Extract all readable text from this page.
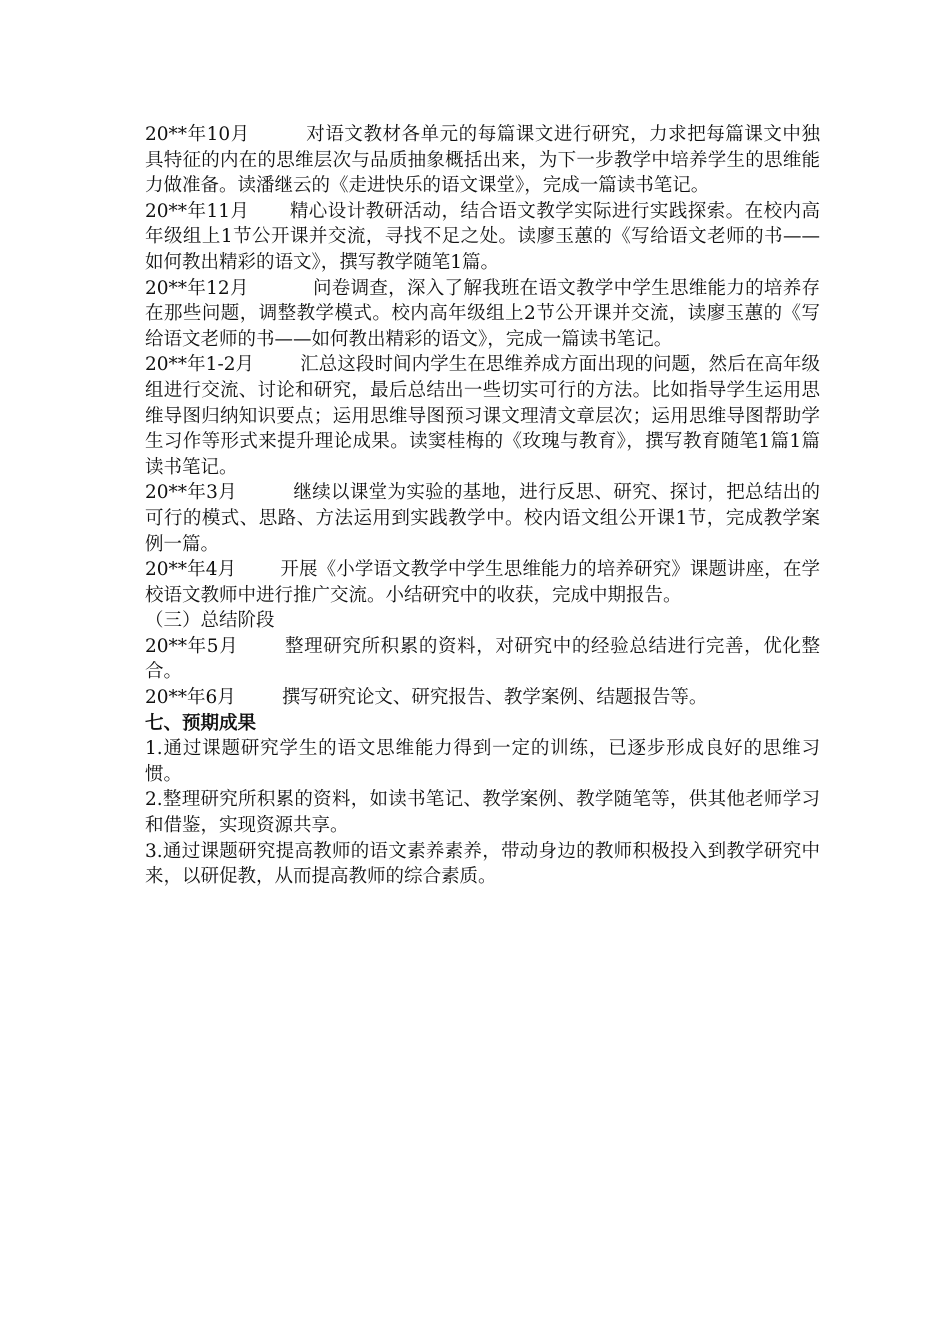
20**年10月	对语文教材各单元的每篇课文进行研究，力求把每篇课文中独具特征的内在的思维层次与品质抽象概括出来，为下一步教学中培养学生的思维能力做准备。读潘继云的《走进快乐的语文课堂》，完成一篇读书笔记。

20**年11月 精心设计教研活动，结合语文教学实际进行实践探索。在校内高年级组上1节公开课并交流，寻找不足之处。读廖玉蕙的《写给语文老师的书——如何教出精彩的语文》，撰写教学随笔1篇。

20**年12月	问卷调查，深入了解我班在语文教学中学生思维能力的培养存在那些问题，调整教学模式。校内高年级组上2节公开课并交流，读廖玉蕙的《写给语文老师的书——如何教出精彩的语文》，完成一篇读书笔记。

20**年1-2月 汇总这段时间内学生在思维养成方面出现的问题，然后在高年级组进行交流、讨论和研究，最后总结出一些切实可行的方法。比如指导学生运用思维导图归纳知识要点；运用思维导图预习课文理清文章层次；运用思维导图帮助学生习作等形式来提升理论成果。读窦桂梅的《玫瑰与教育》，撰写教育随笔1篇1篇读书笔记。

20**年3月	继续以课堂为实验的基地，进行反思、研究、探讨，把总结出的可行的模式、思路、方法运用到实践教学中。校内语文组公开课1节，完成教学案例一篇。

20**年4月 开展《小学语文教学中学生思维能力的培养研究》课题讲座，在学校语文教师中进行推广交流。小结研究中的收获，完成中期报告。

（三）总结阶段

20**年5月 整理研究所积累的资料，对研究中的经验总结进行完善，优化整合。

20**年6月 撰写研究论文、研究报告、教学案例、结题报告等。

七、预期成果

1.通过课题研究学生的语文思维能力得到一定的训练，已逐步形成良好的思维习惯。

2.整理研究所积累的资料，如读书笔记、教学案例、教学随笔等，供其他老师学习和借鉴，实现资源共享。

3.通过课题研究提高教师的语文素养素养，带动身边的教师积极投入到教学研究中来，以研促教，从而提高教师的综合素质。
